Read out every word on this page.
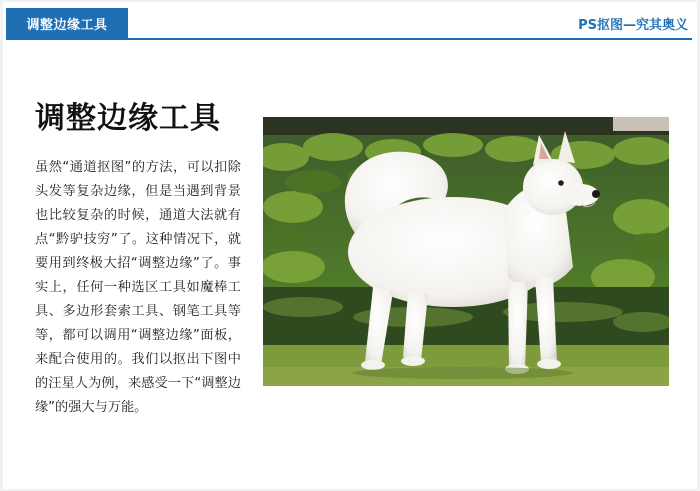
调整边缘工具	PS抠图—究其奥义
调整边缘工具

虽然“通道抠图”的方法，可以扣除头发等复杂边缘，但是当遇到背景也比较复杂的时候，通道大法就有点“黔驴技穷”了。这种情况下，就要用到终极大招“调整边缘”了。事实上，任何一种选区工具如魔棒工具、多边形套索工具、钢笔工具等等，都可以调用“调整边缘”面板，来配合使用的。我们以抠出下图中的汪星人为例，来感受一下“调整边缘”的强大与万能。
